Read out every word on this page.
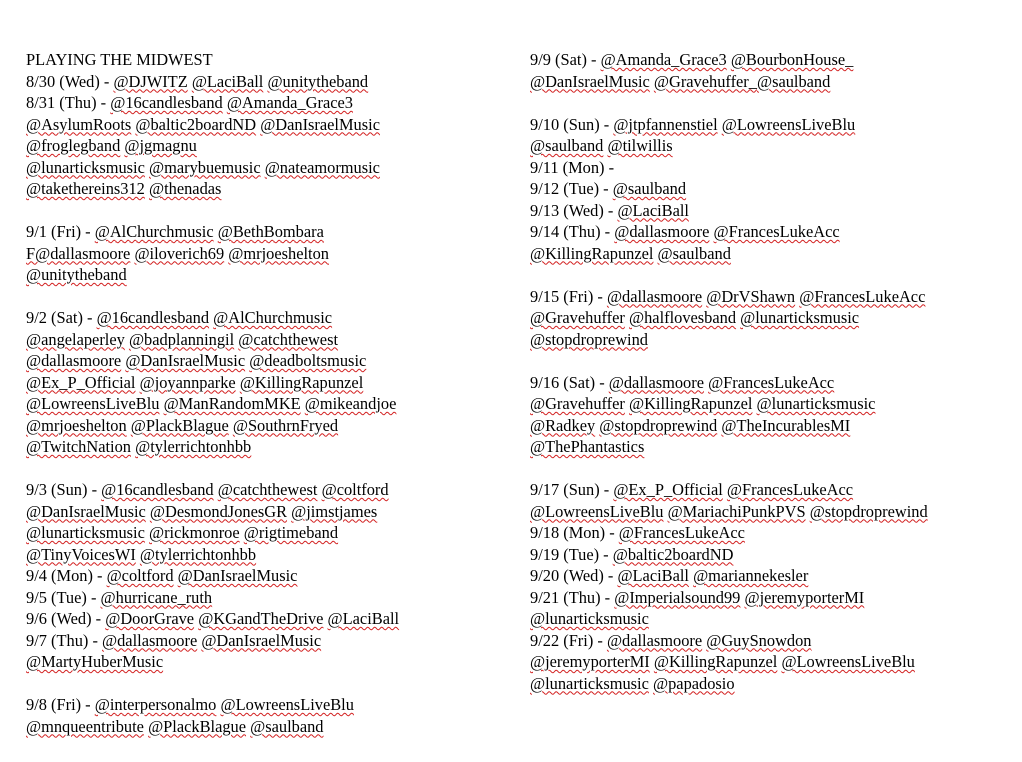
PLAYING THE MIDWEST
8/30 (Wed) - @DJWITZ @LaciBall @unitytheband
8/31 (Thu) - @16candlesband @Amanda_Grace3
@AsylumRoots @baltic2boardND @DanIsraelMusic
@froglegband @jgmagnu
@lunarticksmusic @marybuemusic @nateamormusic
@takethereins312 @thenadas
9/1 (Fri) - @AlChurchmusic @BethBombara
F@dallasmoore @iloverich69 @mrjoeshelton
@unitytheband
9/2 (Sat) - @16candlesband @AlChurchmusic
@angelaperley @badplanningil @catchthewest
@dallasmoore @DanIsraelMusic @deadboltsmusic
@Ex_P_Official @joyannparke @KillingRapunzel
@LowreensLiveBlu @ManRandomMKE @mikeandjoe
@mrjoeshelton @PlackBlague @SouthrnFryed
@TwitchNation @tylerrichtonhbb
9/3 (Sun) - @16candlesband @catchthewest @coltford
@DanIsraelMusic @DesmondJonesGR @jimstjames
@lunarticksmusic @rickmonroe @rigtimeband
@TinyVoicesWI @tylerrichtonhbb
9/4 (Mon) - @coltford @DanIsraelMusic
9/5 (Tue) - @hurricane_ruth
9/6 (Wed) - @DoorGrave @KGandTheDrive @LaciBall
9/7 (Thu) - @dallasmoore @DanIsraelMusic
@MartyHuberMusic
9/8 (Fri) - @interpersonalmo @LowreensLiveBlu
@mnqueentribute @PlackBlague @saulband
9/9 (Sat) - @Amanda_Grace3 @BourbonHouse_
@DanIsraelMusic @Gravehuffer_@saulband
9/10 (Sun) - @jtpfannenstiel @LowreensLiveBlu
@saulband @tilwillis
9/11 (Mon) -
9/12 (Tue) - @saulband
9/13 (Wed) - @LaciBall
9/14 (Thu) - @dallasmoore @FrancesLukeAcc
@KillingRapunzel @saulband
9/15 (Fri) - @dallasmoore @DrVShawn @FrancesLukeAcc
@Gravehuffer @halflovesband @lunarticksmusic
@stopdroprewind
9/16 (Sat) - @dallasmoore @FrancesLukeAcc
@Gravehuffer @KillingRapunzel @lunarticksmusic
@Radkey @stopdroprewind @TheIncurablesMI
@ThePhantastics
9/17 (Sun) - @Ex_P_Official @FrancesLukeAcc
@LowreensLiveBlu @MariachiPunkPVS @stopdroprewind
9/18 (Mon) - @FrancesLukeAcc
9/19 (Tue) - @baltic2boardND
9/20 (Wed) - @LaciBall @mariannekesler
9/21 (Thu) - @Imperialsound99 @jeremyporterMI
@lunarticksmusic
9/22 (Fri) - @dallasmoore @GuySnowdon
@jeremyporterMI @KillingRapunzel @LowreensLiveBlu
@lunarticksmusic @papadosio
